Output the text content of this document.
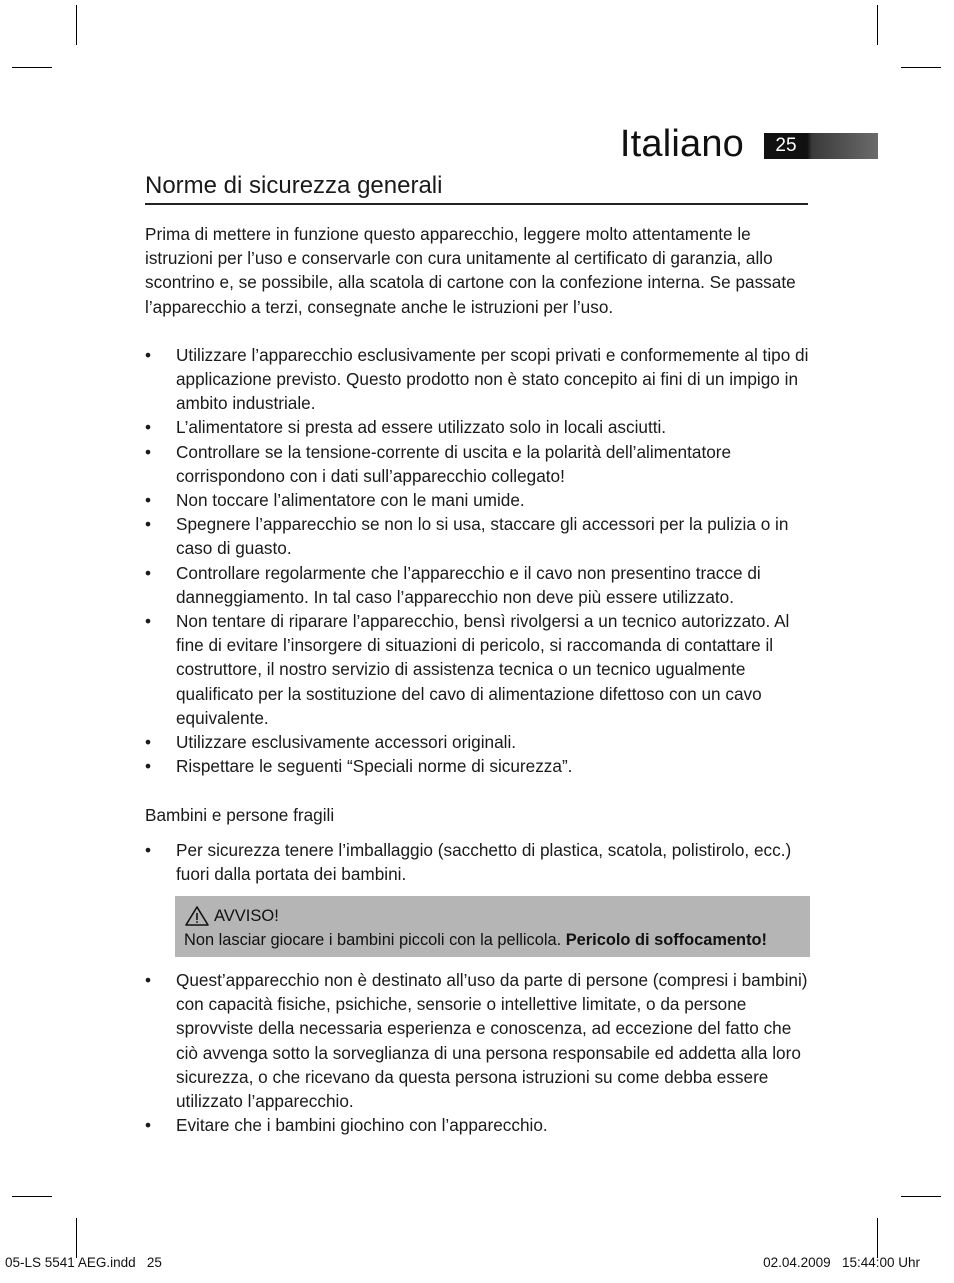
Italiano	25
Norme di sicurezza generali

Prima di mettere in funzione questo apparecchio, leggere molto attentamente le istruzioni per l’uso e conservarle con cura unitamente al certificato di garanzia, allo scontrino e, se possibile, alla scatola di cartone con la confezione interna. Se passate l’apparecchio a terzi, consegnate anche le istruzioni per l’uso.

• Utilizzare l’apparecchio esclusivamente per scopi privati e conformemente al tipo di applicazione previsto. Questo prodotto non è stato concepito ai fini di un impigo in ambito industriale.
• L’alimentatore si presta ad essere utilizzato solo in locali asciutti.
• Controllare se la tensione-corrente di uscita e la polarità dell’alimentatore corrispondono con i dati sull’apparecchio collegato!
• Non toccare l’alimentatore con le mani umide.
• Spegnere l’apparecchio se non lo si usa, staccare gli accessori per la pulizia o in caso di guasto.
• Controllare regolarmente che l’apparecchio e il cavo non presentino tracce di danneggiamento. In tal caso l’apparecchio non deve più essere utilizzato.
• Non tentare di riparare l’apparecchio, bensì rivolgersi a un tecnico autorizzato. Al fine di evitare l’insorgere di situazioni di pericolo, si raccomanda di contattare il costruttore, il nostro servizio di assistenza tecnica o un tecnico ugualmente qualificato per la sostituzione del cavo di alimentazione difettoso con un cavo equivalente.
• Utilizzare esclusivamente accessori originali.
• Rispettare le seguenti “Speciali norme di sicurezza”.

Bambini e persone fragili

• Per sicurezza tenere l’imballaggio (sacchetto di plastica, scatola, polistirolo, ecc.) fuori dalla portata dei bambini.
AVVISO!
Non lasciar giocare i bambini piccoli con la pellicola. Pericolo di soffocamento!
• Quest’apparecchio non è destinato all’uso da parte di persone (compresi i bambini) con capacità fisiche, psichiche, sensorie o intellettive limitate, o da persone sprovviste della necessaria esperienza e conoscenza, ad eccezione del fatto che ciò avvenga sotto la sorveglianza di una persona responsabile ed addetta alla loro sicurezza, o che ricevano da questa persona istruzioni su come debba essere utilizzato l’apparecchio.
• Evitare che i bambini giochino con l’apparecchio.
05-LS 5541 AEG.indd   25	02.04.2009   15:44:00 Uhr
